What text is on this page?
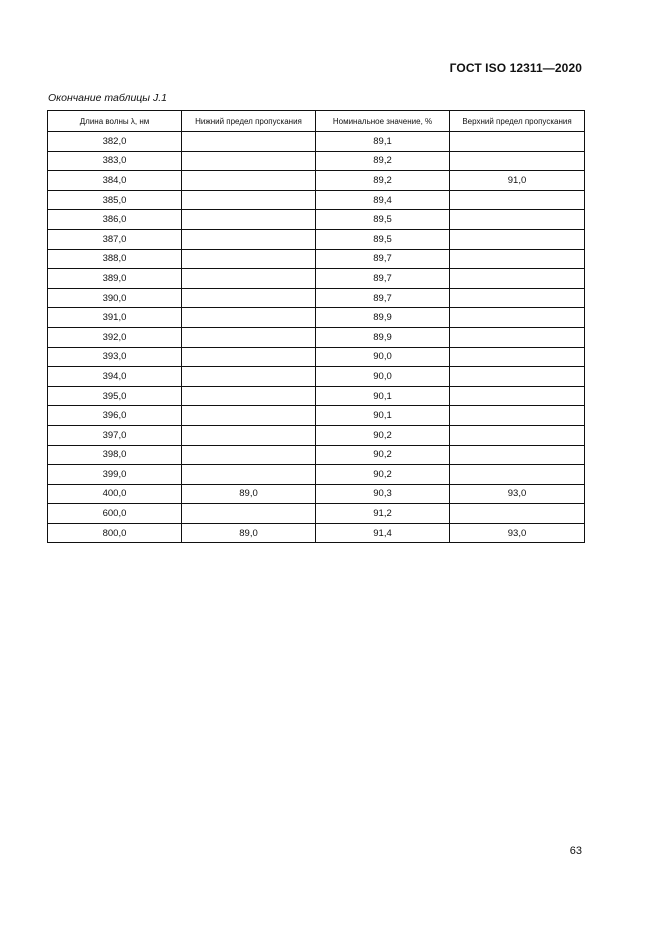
ГОСТ ISO 12311—2020
Окончание таблицы J.1
Длина волны λ, нм	Нижний предел пропускания	Номинальное значение, %	Верхний предел пропускания
382,0		89,1	
383,0		89,2	
384,0		89,2	91,0
385,0		89,4	
386,0		89,5	
387,0		89,5	
388,0		89,7	
389,0		89,7	
390,0		89,7	
391,0		89,9	
392,0		89,9	
393,0		90,0	
394,0		90,0	
395,0		90,1	
396,0		90,1	
397,0		90,2	
398,0		90,2	
399,0		90,2	
400,0	89,0	90,3	93,0
600,0		91,2	
800,0	89,0	91,4	93,0
63
